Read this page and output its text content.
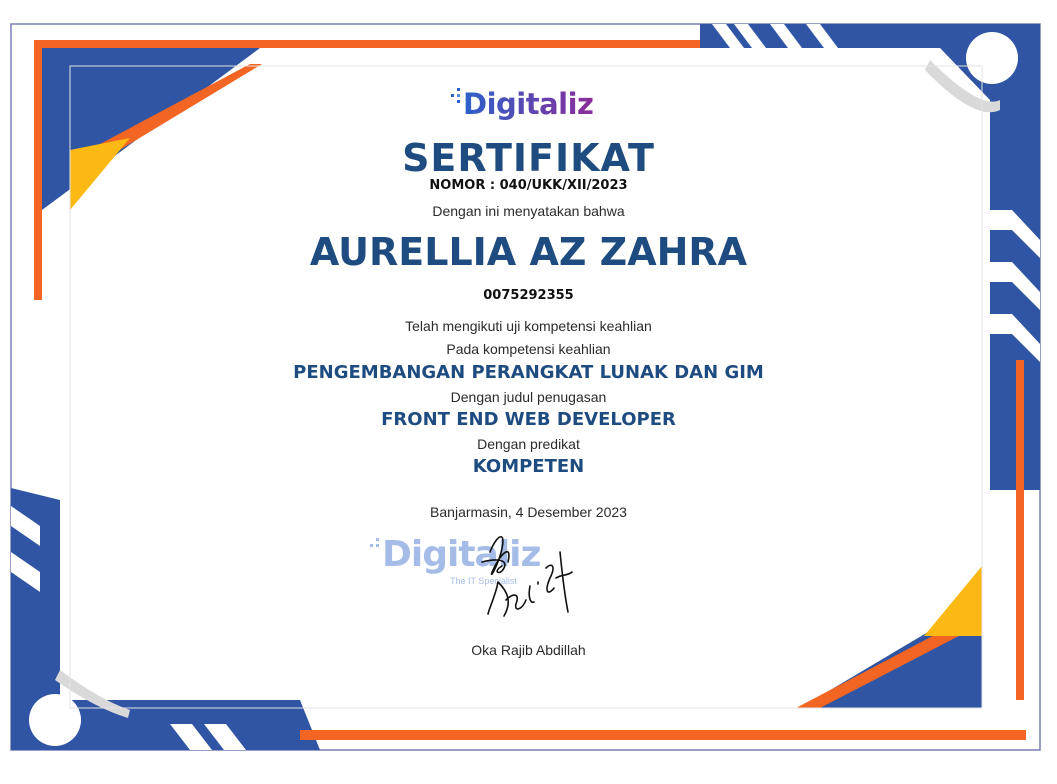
Digitaliz
SERTIFIKAT
NOMOR : 040/UKK/XII/2023
Dengan ini menyatakan bahwa
AURELLIA AZ ZAHRA
0075292355
Telah mengikuti uji kompetensi keahlian
Pada kompetensi keahlian
PENGEMBANGAN PERANGKAT LUNAK DAN GIM
Dengan judul penugasan
FRONT END WEB DEVELOPER
Dengan predikat
KOMPETEN
Banjarmasin, 4 Desember 2023
Digitaliz
The IT Specialist
Oka Rajib Abdillah
